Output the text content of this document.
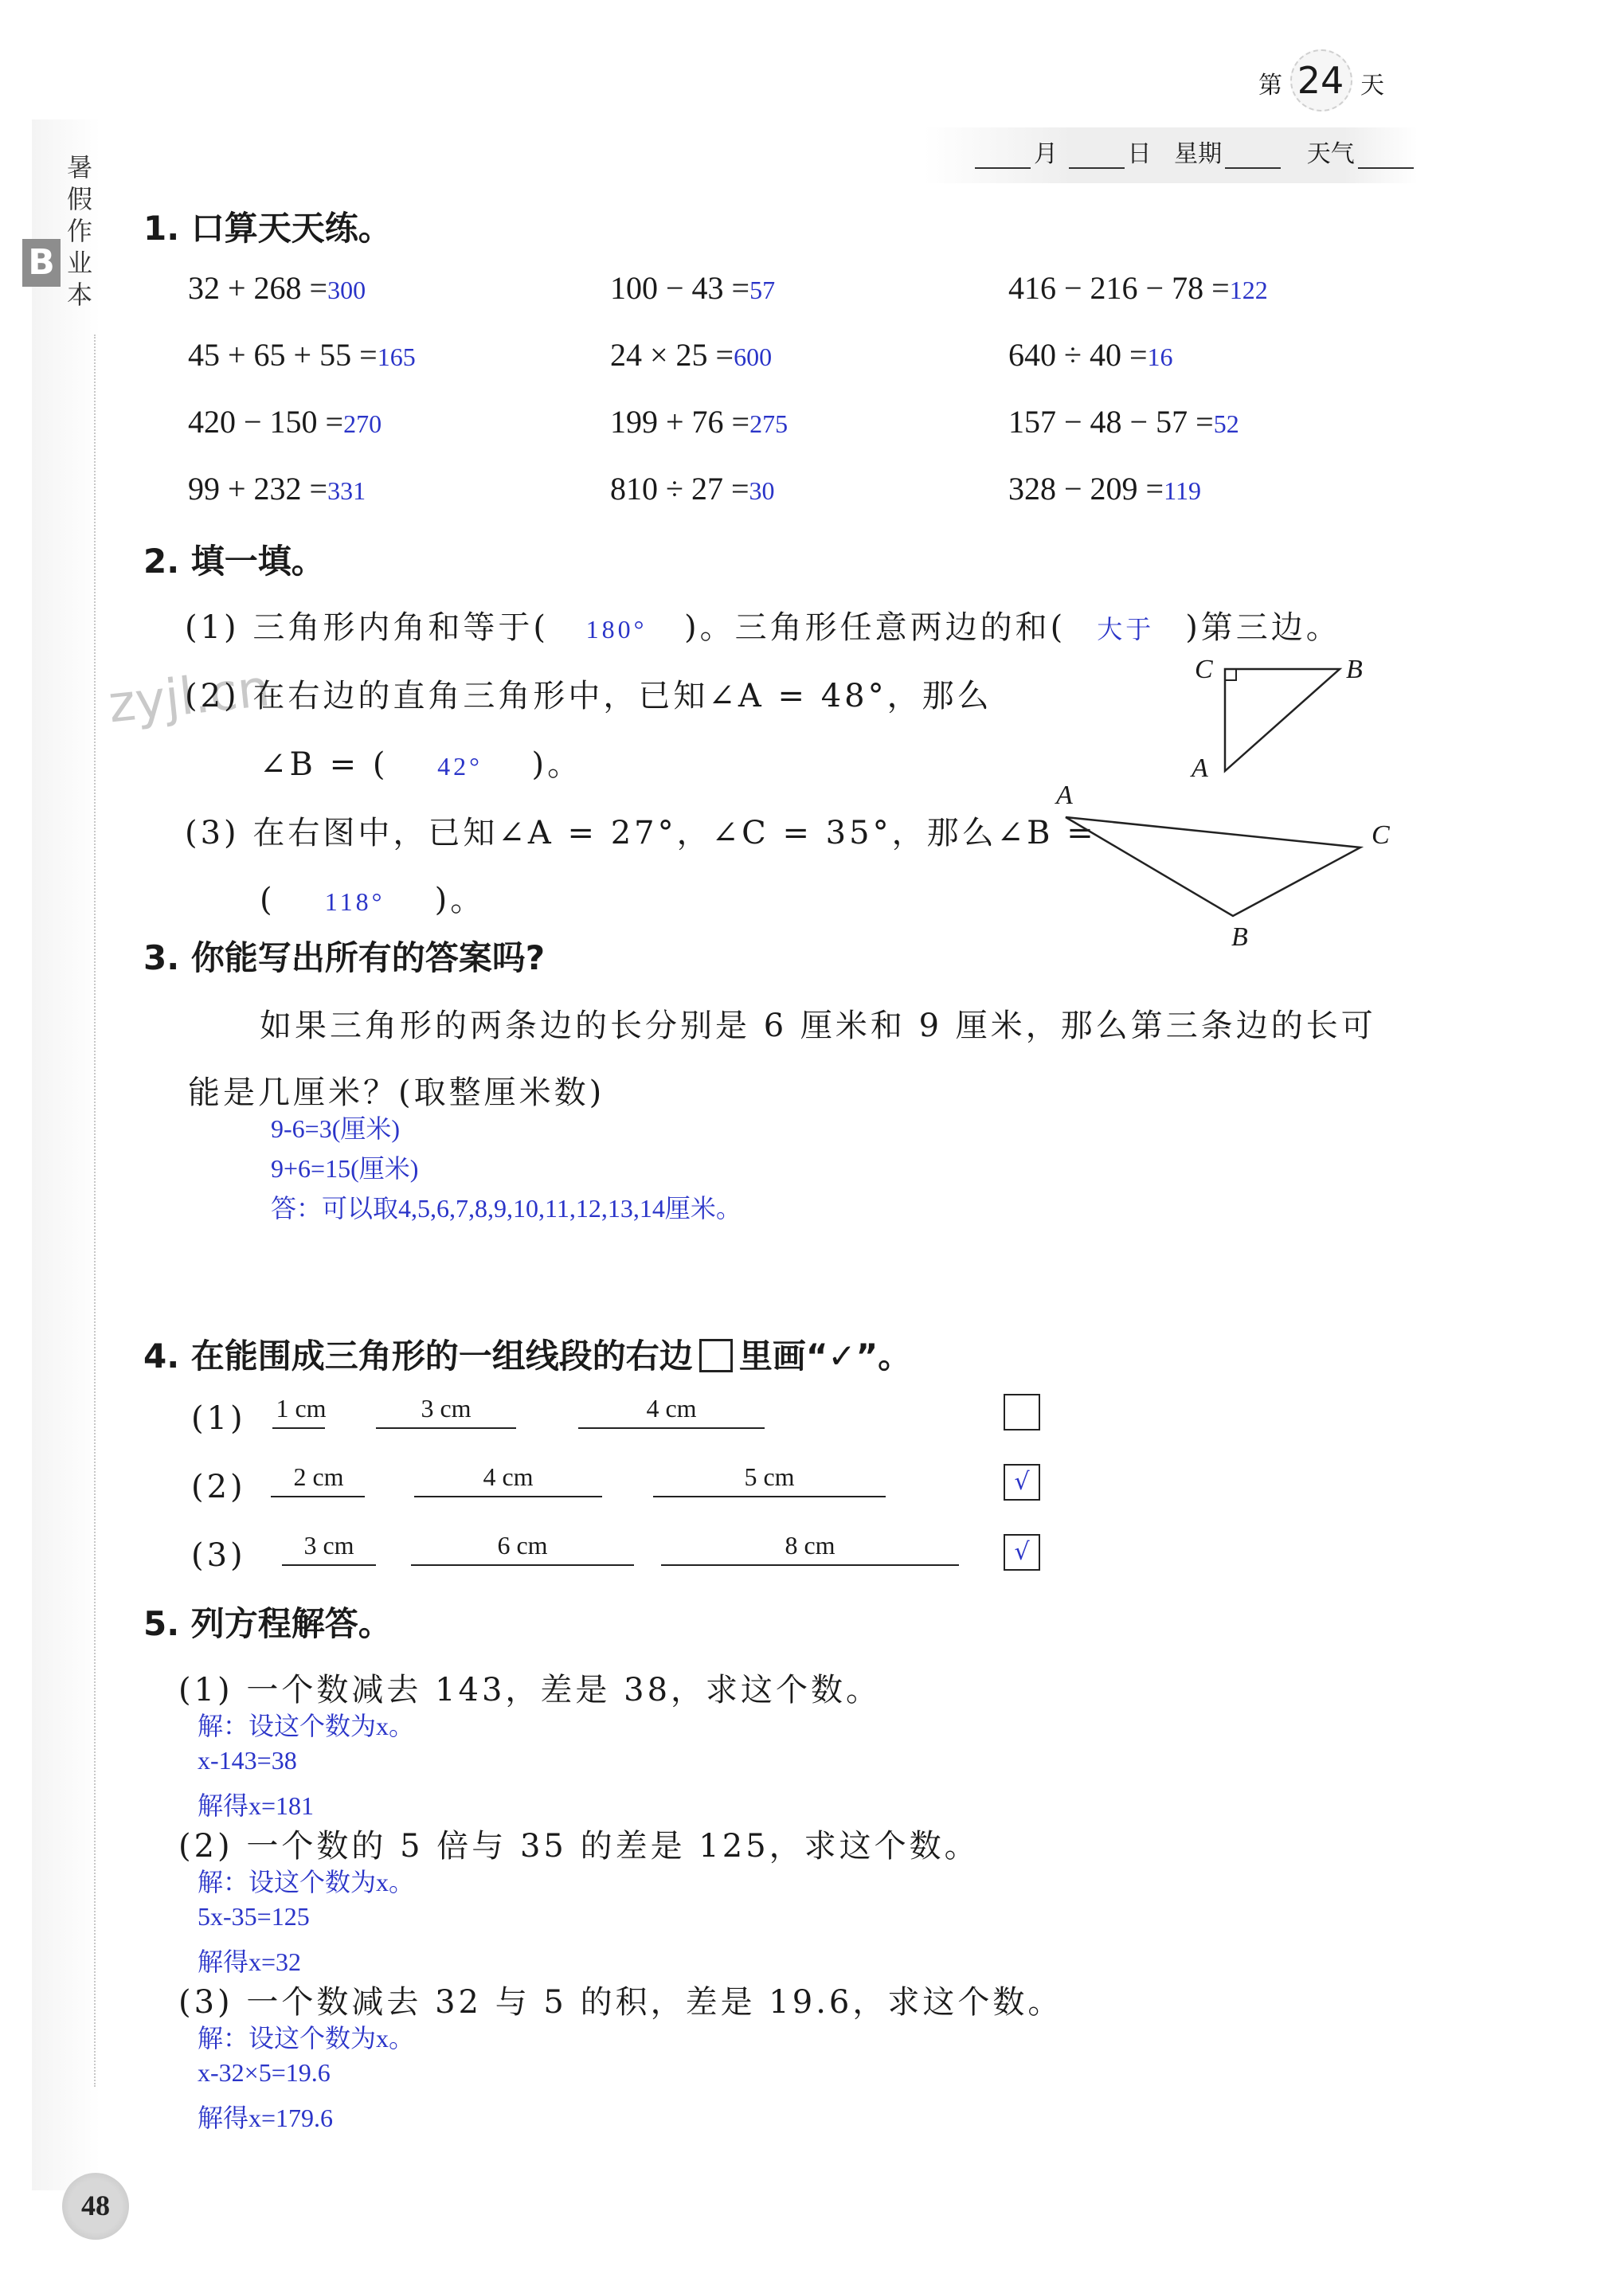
暑假作业本
B
第 24 天
月	日 星期	天气
zyjl.cn
1. 口算天天练。
32 + 268 =300	100 − 43 =57	416 − 216 − 78 =122
45 + 65 + 55 =165	24 × 25 =600	640 ÷ 40 =16
420 − 150 =270	199 + 76 =275	157 − 48 − 57 =52
99 + 232 =331	810 ÷ 27 =30	328 − 209 =119
2. 填一填。
(1) 三角形内角和等于( 180° )。三角形任意两边的和( 大于 )第三边。
(2) 在右边的直角三角形中，已知∠A = 48°，那么
∠B = ( 42° )。
(3) 在右图中，已知∠A = 27°，∠C = 35°，那么∠B =
( 118° )。
C	B
A
A
C
B
3. 你能写出所有的答案吗?
如果三角形的两条边的长分别是 6 厘米和 9 厘米，那么第三条边的长可
能是几厘米？(取整厘米数)
9-6=3(厘米)
9+6=15(厘米)
答：可以取4,5,6,7,8,9,10,11,12,13,14厘米。
4. 在能围成三角形的一组线段的右边 里画“✓”。
(1)	1 cm	3 cm	4 cm
(2)	2 cm	4 cm	5 cm	√
(3)	3 cm	6 cm	8 cm	√
5. 列方程解答。
(1) 一个数减去 143，差是 38，求这个数。
解：设这个数为x。
x-143=38
解得x=181
(2) 一个数的 5 倍与 35 的差是 125，求这个数。
解：设这个数为x。
5x-35=125
解得x=32
(3) 一个数减去 32 与 5 的积，差是 19.6，求这个数。
解：设这个数为x。
x-32×5=19.6
解得x=179.6
48
